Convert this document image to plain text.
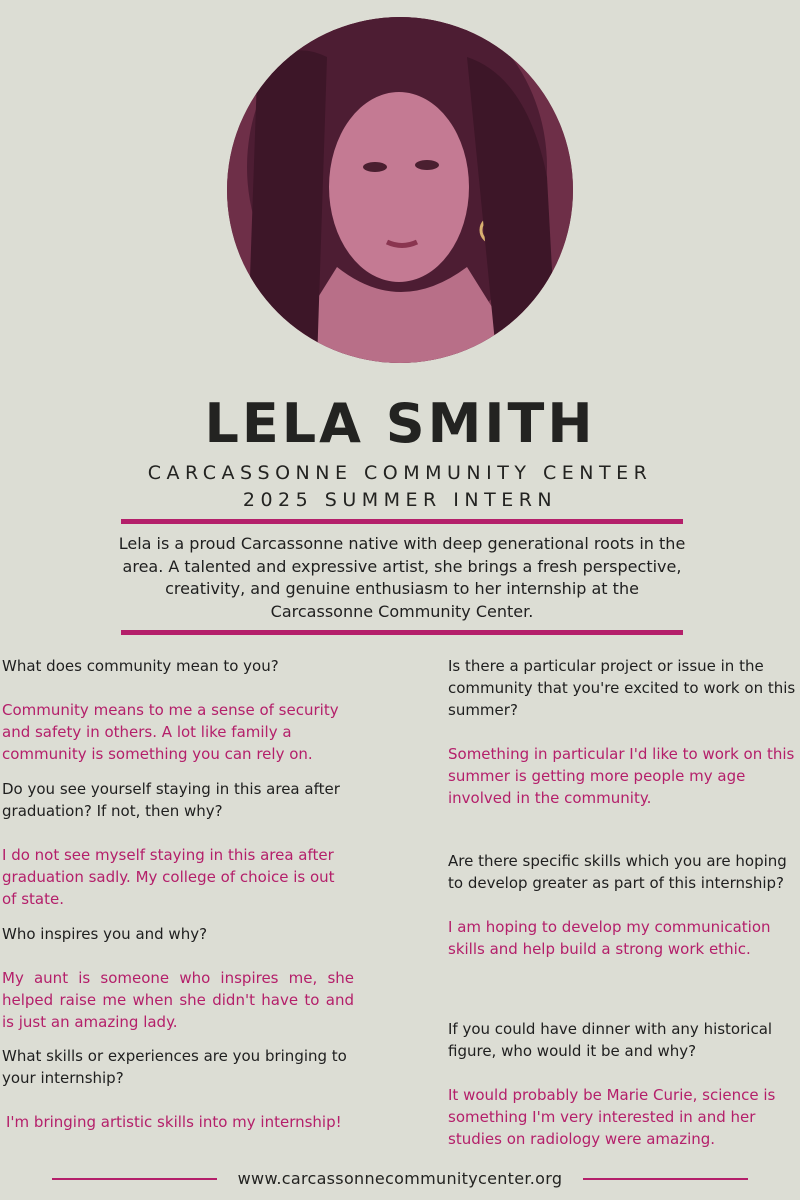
LELA SMITH
CARCASSONNE COMMUNITY CENTER
2025 SUMMER INTERN
Lela is a proud Carcassonne native with deep generational roots in the area. A talented and expressive artist, she brings a fresh perspective, creativity, and genuine enthusiasm to her internship at the Carcassonne Community Center.
What does community mean to you?
Community means to me a sense of security and safety in others. A lot like family a community is something you can rely on.
Do you see yourself staying in this area after graduation? If not, then why?
I do not see myself staying in this area after graduation sadly. My college of choice is out of state.
Who inspires you and why?
My aunt is someone who inspires me, she helped raise me when she didn't have to and is just an amazing lady.
What skills or experiences are you bringing to your internship?
I'm bringing artistic skills into my internship!
Is there a particular project or issue in the community that you're excited to work on this summer?
Something in particular I'd like to work on this summer is getting more people my age involved in the community.
Are there specific skills which you are hoping to develop greater as part of this internship?
I am hoping to develop my communication skills and help build a strong work ethic.
If you could have dinner with any historical figure, who would it be and why?
It would probably be Marie Curie, science is something I'm very interested in and her studies on radiology were amazing.
www.carcassonnecommunitycenter.org
